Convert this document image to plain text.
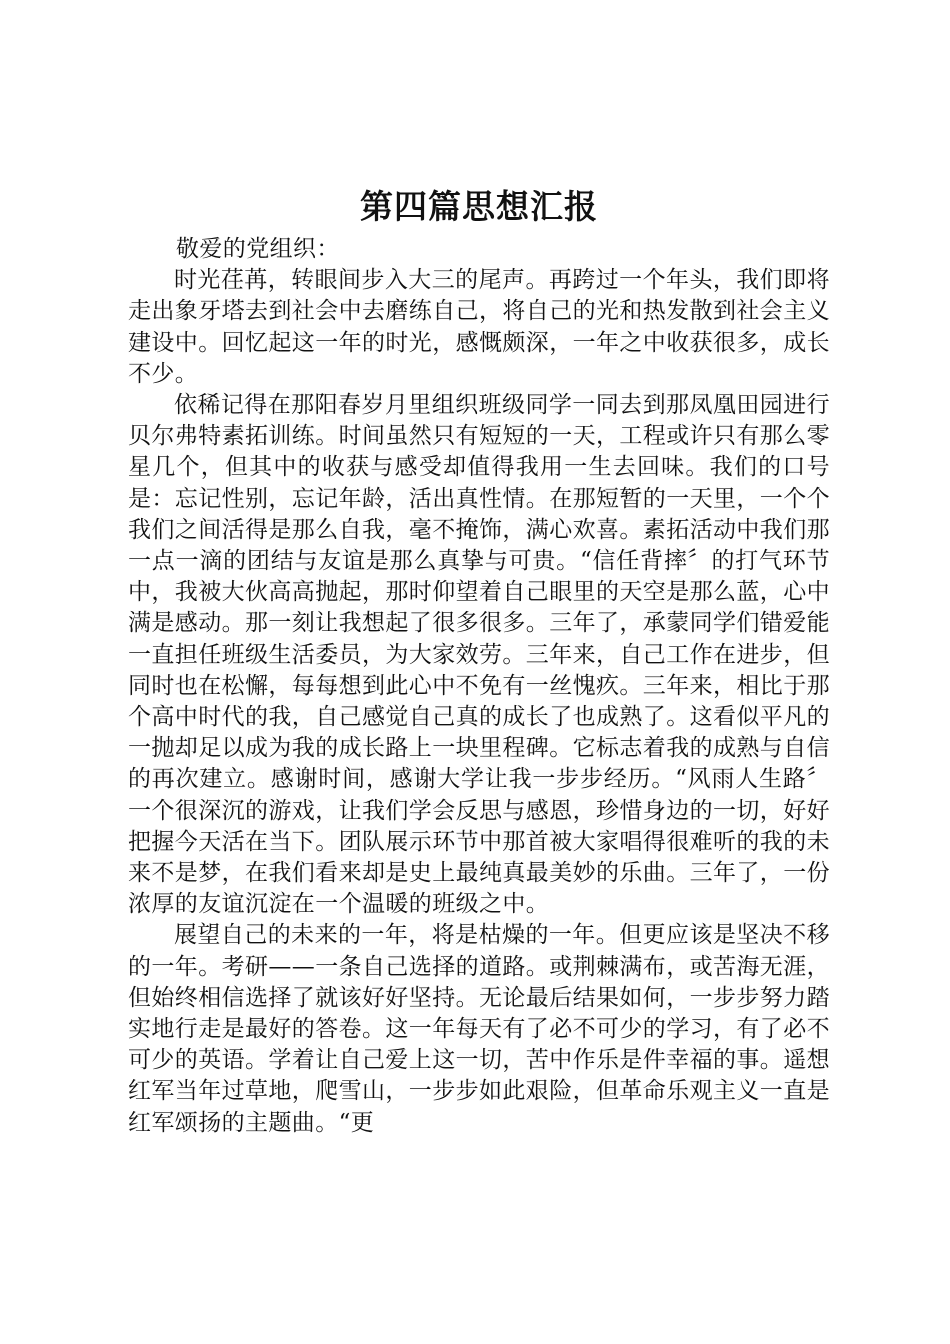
第四篇思想汇报

敬爱的党组织：

时光荏苒，转眼间步入大三的尾声。再跨过一个年头，我们即将走出象牙塔去到社会中去磨练自己，将自己的光和热发散到社会主义建设中。回忆起这一年的时光，感慨颇深，一年之中收获很多，成长不少。

依稀记得在那阳春岁月里组织班级同学一同去到那凤凰田园进行贝尔弗特素拓训练。时间虽然只有短短的一天，工程或许只有那么零星几个，但其中的收获与感受却值得我用一生去回味。我们的口号是：忘记性别，忘记年龄，活出真性情。在那短暂的一天里，一个个我们之间活得是那么自我，毫不掩饰，满心欢喜。素拓活动中我们那一点一滴的团结与友谊是那么真挚与可贵。“信任背摔〞的打气环节中，我被大伙高高抛起，那时仰望着自己眼里的天空是那么蓝，心中满是感动。那一刻让我想起了很多很多。三年了，承蒙同学们错爱能一直担任班级生活委员，为大家效劳。三年来，自己工作在进步，但同时也在松懈，每每想到此心中不免有一丝愧疚。三年来，相比于那个高中时代的我，自己感觉自己真的成长了也成熟了。这看似平凡的一抛却足以成为我的成长路上一块里程碑。它标志着我的成熟与自信的再次建立。感谢时间，感谢大学让我一步步经历。“风雨人生路〞一个很深沉的游戏，让我们学会反思与感恩，珍惜身边的一切，好好把握今天活在当下。团队展示环节中那首被大家唱得很难听的我的未来不是梦，在我们看来却是史上最纯真最美妙的乐曲。三年了，一份浓厚的友谊沉淀在一个温暖的班级之中。

展望自己的未来的一年，将是枯燥的一年。但更应该是坚决不移的一年。考研——一条自己选择的道路。或荆棘满布，或苦海无涯，但始终相信选择了就该好好坚持。无论最后结果如何，一步步努力踏实地行走是最好的答卷。这一年每天有了必不可少的学习，有了必不可少的英语。学着让自己爱上这一切，苦中作乐是件幸福的事。遥想红军当年过草地，爬雪山，一步步如此艰险，但革命乐观主义一直是红军颂扬的主题曲。“更
